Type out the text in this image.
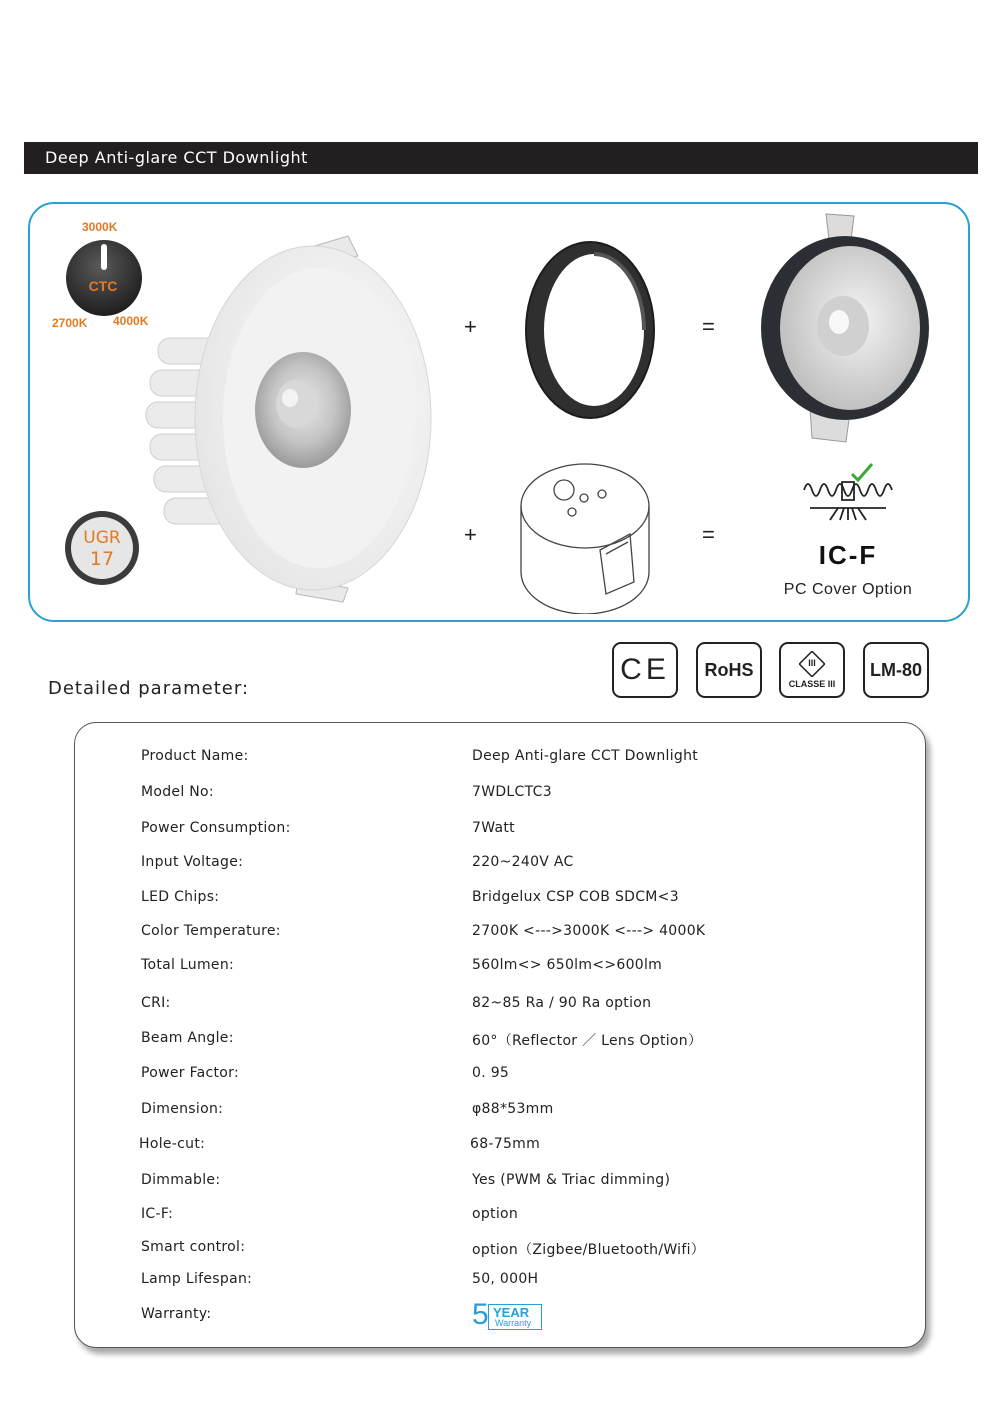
Deep Anti-glare CCT Downlight
3000K
CTC
2700K 4000K
UGR
17
+
+
=
=
IC-F
PC Cover Option
Detailed parameter:
CE RoHS	III
CLASSE III
LM-80
Product Name:	Deep Anti-glare CCT Downlight
Model No:	7WDLCTC3
Power Consumption:	7Watt
Input Voltage:	220~240V AC
LED Chips:	Bridgelux CSP COB SDCM<3
Color Temperature:	2700K <--->3000K <---> 4000K
Total Lumen:	560lm<> 650lm<>600lm
CRI:	82~85 Ra / 90 Ra option
Beam Angle:	60°（Reflector ／ Lens Option）
Power Factor:	0. 95
Dimension:	φ88*53mm
Hole-cut:	68-75mm
Dimmable:	Yes (PWM & Triac dimming)
IC-F:	option
Smart control:	option（Zigbee/Bluetooth/Wifi）
Lamp Lifespan:	50, 000H
Warranty:	5 YEAR
Warranty
